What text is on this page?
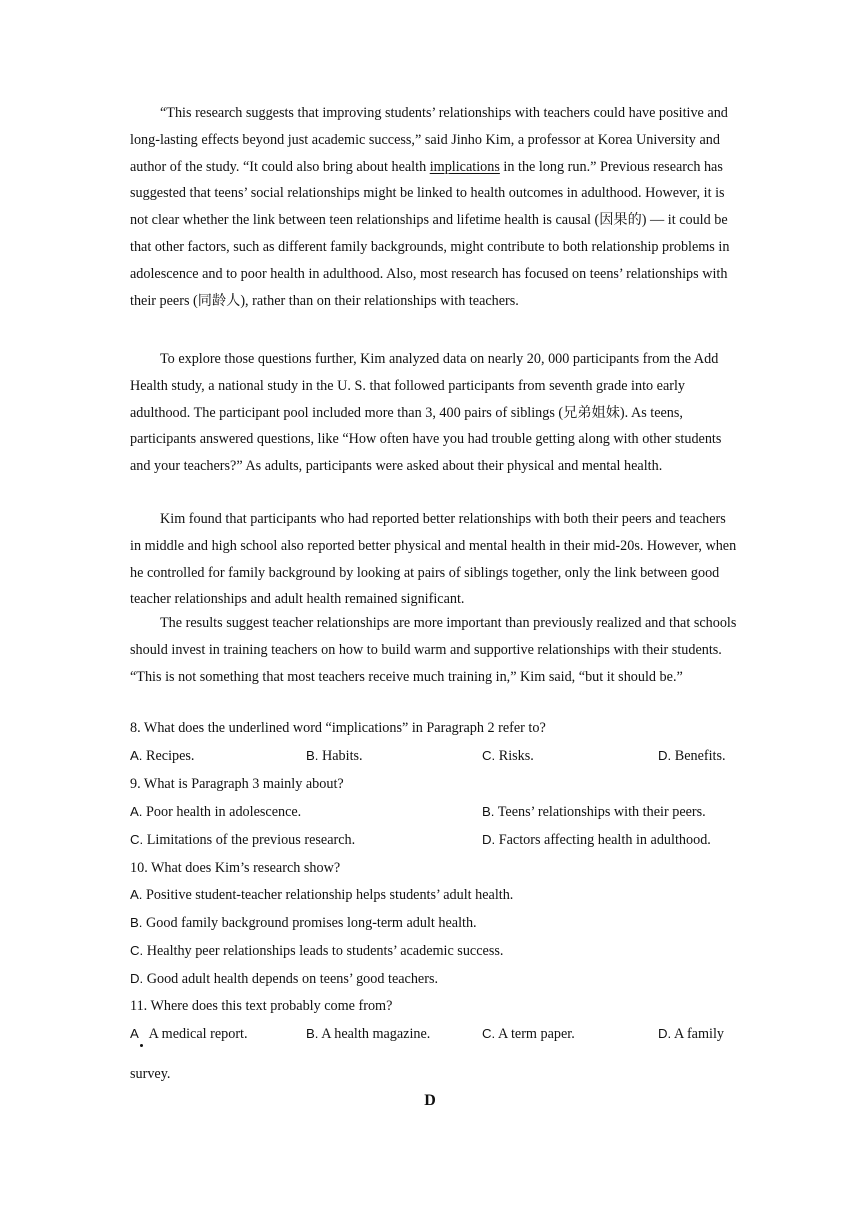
“This research suggests that improving students’ relationships with teachers could have positive and long-lasting effects beyond just academic success,” said Jinho Kim, a professor at Korea University and author of the study. “It could also bring about health implications in the long run.” Previous research has suggested that teens’ social relationships might be linked to health outcomes in adulthood. However, it is not clear whether the link between teen relationships and lifetime health is causal (因果的) — it could be that other factors, such as different family backgrounds, might contribute to both relationship problems in adolescence and to poor health in adulthood. Also, most research has focused on teens’ relationships with their peers (同龄人), rather than on their relationships with teachers.

To explore those questions further, Kim analyzed data on nearly 20, 000 participants from the Add Health study, a national study in the U. S. that followed participants from seventh grade into early adulthood. The participant pool included more than 3, 400 pairs of siblings (兄弟姐妹). As teens, participants answered questions, like “How often have you had trouble getting along with other students and your teachers?” As adults, participants were asked about their physical and mental health.

Kim found that participants who had reported better relationships with both their peers and teachers in middle and high school also reported better physical and mental health in their mid-20s. However, when he controlled for family background by looking at pairs of siblings together, only the link between good teacher relationships and adult health remained significant.

The results suggest teacher relationships are more important than previously realized and that schools should invest in training teachers on how to build warm and supportive relationships with their students. “This is not something that most teachers receive much training in,” Kim said, “but it should be.”

8. What does the underlined word “implications” in Paragraph 2 refer to?
A. Recipes.	B. Habits.	C. Risks.	D. Benefits.
9. What is Paragraph 3 mainly about?
A. Poor health in adolescence.	B. Teens’ relationships with their peers.
C. Limitations of the previous research.	D. Factors affecting health in adulthood.
10. What does Kim’s research show?
A. Positive student-teacher relationship helps students’ adult health.
B. Good family background promises long-term adult health.
C. Healthy peer relationships leads to students’ academic success.
D. Good adult health depends on teens’ good teachers.
11. Where does this text probably come from?
A   A medical report.	B. A health magazine.	C. A term paper.	D. A family
survey.
D
